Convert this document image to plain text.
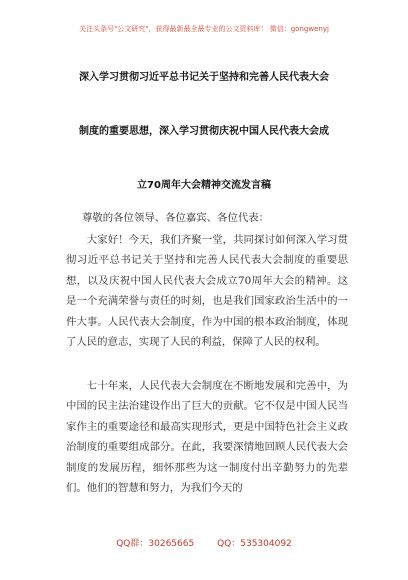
关注头条号"公文研究"，获得最新最全最专业的公文资料库！ 微信：gongwenyj
深入学习贯彻习近平总书记关于坚持和完善人民代表大会
制度的重要思想，深入学习贯彻庆祝中国人民代表大会成
立70周年大会精神交流发言稿
尊敬的各位领导、各位嘉宾、各位代表：

大家好！今天，我们齐聚一堂，共同探讨如何深入学习贯彻习近平总书记关于坚持和完善人民代表大会制度的重要思想，以及庆祝中国人民代表大会成立70周年大会的精神。这是一个充满荣誉与责任的时刻，也是我们国家政治生活中的一件大事。人民代表大会制度，作为中国的根本政治制度，体现了人民的意志，实现了人民的利益，保障了人民的权利。

七十年来，人民代表大会制度在不断地发展和完善中，为中国的民主法治建设作出了巨大的贡献。它不仅是中国人民当家作主的重要途径和最高实现形式，更是中国特色社会主义政治制度的重要组成部分。在此，我要深情地回顾人民代表大会制度的发展历程，细怀那些为这一制度付出辛勤努力的先辈们。他们的智慧和努力，为我们今天的

QQ群：30265665	QQ：535304092
